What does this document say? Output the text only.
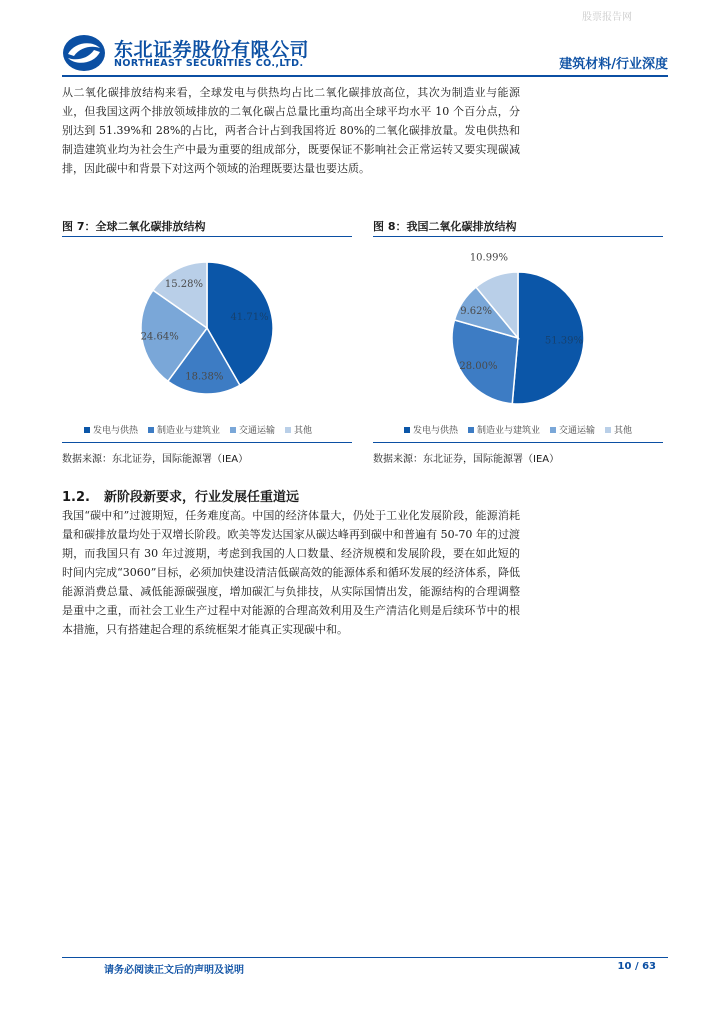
股票报告网
东北证券股份有限公司
NORTHEAST SECURITIES CO.,LTD.	建筑材料/行业深度

从二氧化碳排放结构来看，全球发电与供热均占比二氧化碳排放高位，其次为制造业与能源业，但我国这两个排放领域排放的二氧化碳占总量比重均高出全球平均水平 10 个百分点，分别达到 51.39%和 28%的占比，两者合计占到我国将近 80%的二氧化碳排放量。发电供热和制造建筑业均为社会生产中最为重要的组成部分，既要保证不影响社会正常运转又要实现碳减排，因此碳中和背景下对这两个领域的治理既要达量也要达质。

图 7：全球二氧化碳排放结构
41.71%
18.38%
24.64%
15.28%
发电与供热 制造业与建筑业 交通运输 其他
数据来源：东北证券，国际能源署（IEA）
图 8：我国二氧化碳排放结构
51.39%
28.00%
9.62%
10.99%
发电与供热 制造业与建筑业 交通运输 其他
数据来源：东北证券，国际能源署（IEA）
1.2. 新阶段新要求，行业发展任重道远

我国“碳中和”过渡期短，任务难度高。中国的经济体量大，仍处于工业化发展阶段，能源消耗量和碳排放量均处于双增长阶段。欧美等发达国家从碳达峰再到碳中和普遍有 50-70 年的过渡期，而我国只有 30 年过渡期，考虑到我国的人口数量、经济规模和发展阶段，要在如此短的时间内完成“3060”目标，必须加快建设清洁低碳高效的能源体系和循环发展的经济体系，降低能源消费总量、减低能源碳强度，增加碳汇与负排技，从实际国情出发，能源结构的合理调整是重中之重，而社会工业生产过程中对能源的合理高效利用及生产清洁化则是后续环节中的根本措施，只有搭建起合理的系统框架才能真正实现碳中和。

请务必阅读正文后的声明及说明	10 / 63
